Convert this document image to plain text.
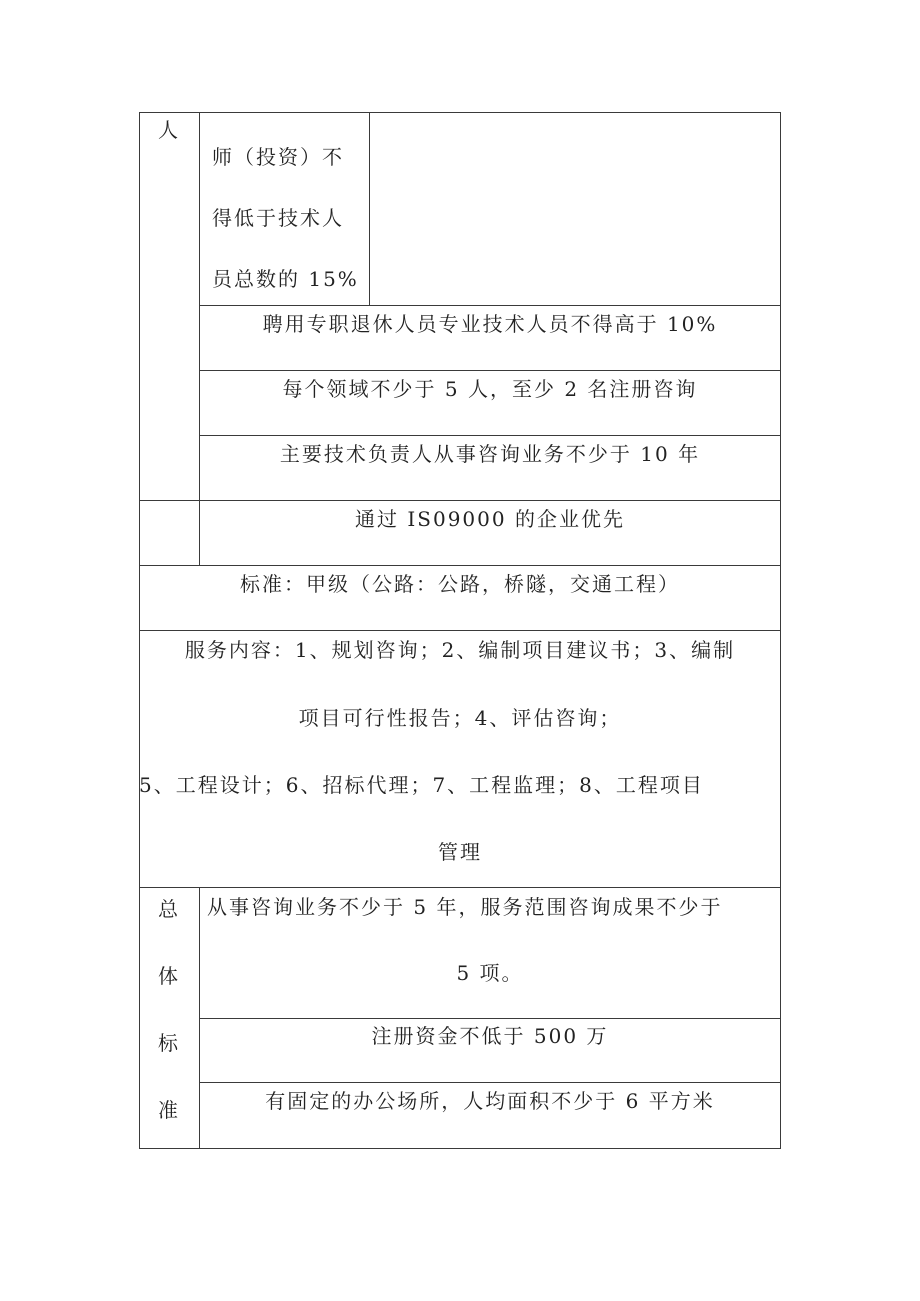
人
师（投资）不
得低于技术人
员总数的 15%
聘用专职退休人员专业技术人员不得高于 10%
每个领域不少于 5 人，至少 2 名注册咨询
主要技术负责人从事咨询业务不少于 10 年
通过 IS09000 的企业优先
标准：甲级（公路：公路，桥隧，交通工程）
服务内容：1、规划咨询；2、编制项目建议书；3、编制
项目可行性报告；4、评估咨询；
5、工程设计；6、招标代理；7、工程监理；8、工程项目
管理
总
体
标
准
从事咨询业务不少于 5 年，服务范围咨询成果不少于
5 项。
注册资金不低于 500 万
有固定的办公场所，人均面积不少于 6 平方米
